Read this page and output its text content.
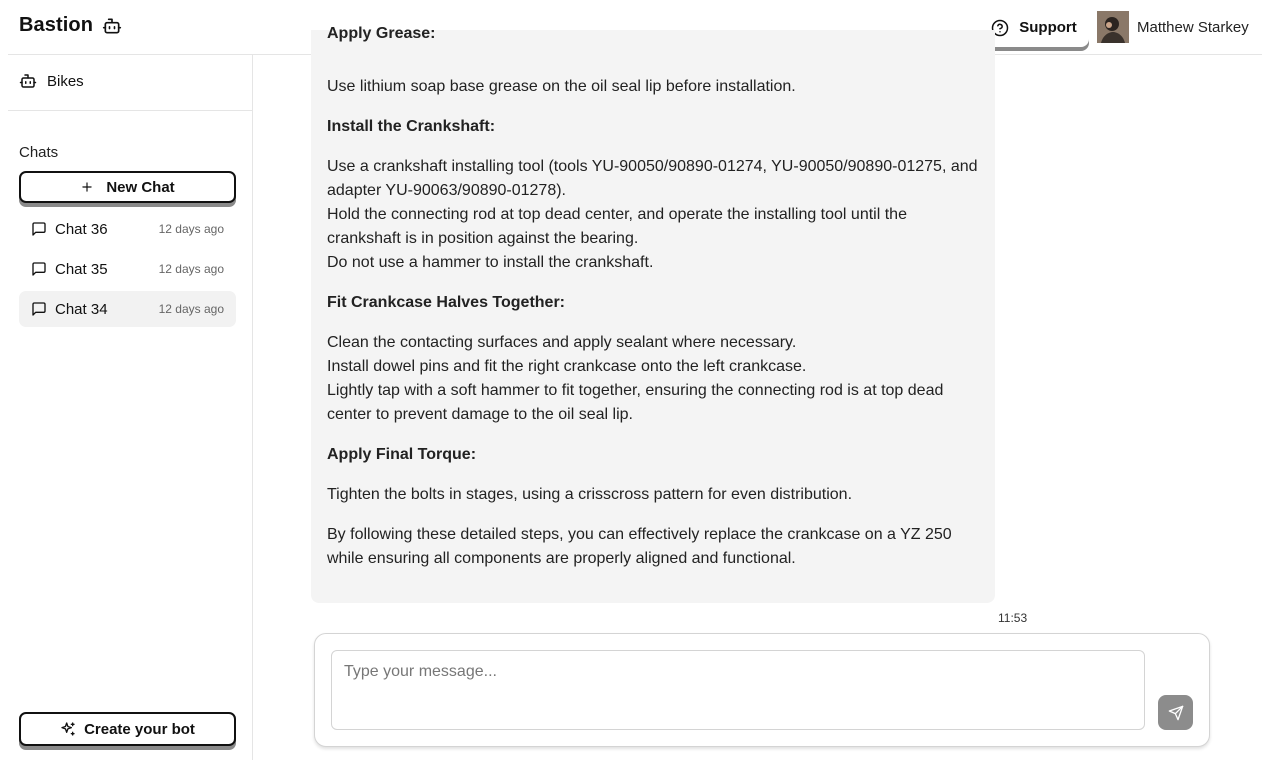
Bastion	Support	Matthew Starkey
Bikes
Chats
New Chat
Chat 36	12 days ago
Chat 35	12 days ago
Chat 34	12 days ago
Create your bot
Apply Grease:

Use lithium soap base grease on the oil seal lip before installation.

Install the Crankshaft:

Use a crankshaft installing tool (tools YU-90050/90890-01274, YU-90050/90890-01275, and adapter YU-90063/90890-01278).

Hold the connecting rod at top dead center, and operate the installing tool until the crankshaft is in position against the bearing.

Do not use a hammer to install the crankshaft.

Fit Crankcase Halves Together:

Clean the contacting surfaces and apply sealant where necessary.

Install dowel pins and fit the right crankcase onto the left crankcase.

Lightly tap with a soft hammer to fit together, ensuring the connecting rod is at top dead center to prevent damage to the oil seal lip.

Apply Final Torque:

Tighten the bolts in stages, using a crisscross pattern for even distribution.

By following these detailed steps, you can effectively replace the crankcase on a YZ 250 while ensuring all components are properly aligned and functional.

11:53
Type your message...
